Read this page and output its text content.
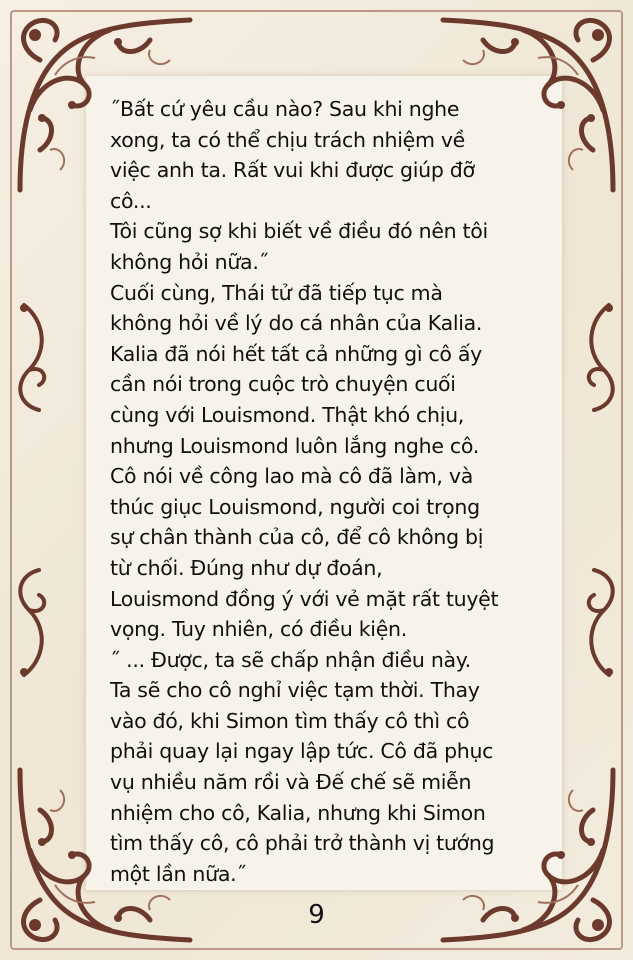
˝Bất cứ yêu cầu nào? Sau khi nghe
xong, ta có thể chịu trách nhiệm về
việc anh ta. Rất vui khi được giúp đỡ
cô...
Tôi cũng sợ khi biết về điều đó nên tôi
không hỏi nữa.˝
Cuối cùng, Thái tử đã tiếp tục mà
không hỏi về lý do cá nhân của Kalia.
Kalia đã nói hết tất cả những gì cô ấy
cần nói trong cuộc trò chuyện cuối
cùng với Louismond. Thật khó chịu,
nhưng Louismond luôn lắng nghe cô.
Cô nói về công lao mà cô đã làm, và
thúc giục Louismond, người coi trọng
sự chân thành của cô, để cô không bị
từ chối. Đúng như dự đoán,
Louismond đồng ý với vẻ mặt rất tuyệt
vọng. Tuy nhiên, có điều kiện.
˝ ... Được, ta sẽ chấp nhận điều này.
Ta sẽ cho cô nghỉ việc tạm thời. Thay
vào đó, khi Simon tìm thấy cô thì cô
phải quay lại ngay lập tức. Cô đã phục
vụ nhiều năm rồi và Đế chế sẽ miễn
nhiệm cho cô, Kalia, nhưng khi Simon
tìm thấy cô, cô phải trở thành vị tướng
một lần nữa.˝

9
